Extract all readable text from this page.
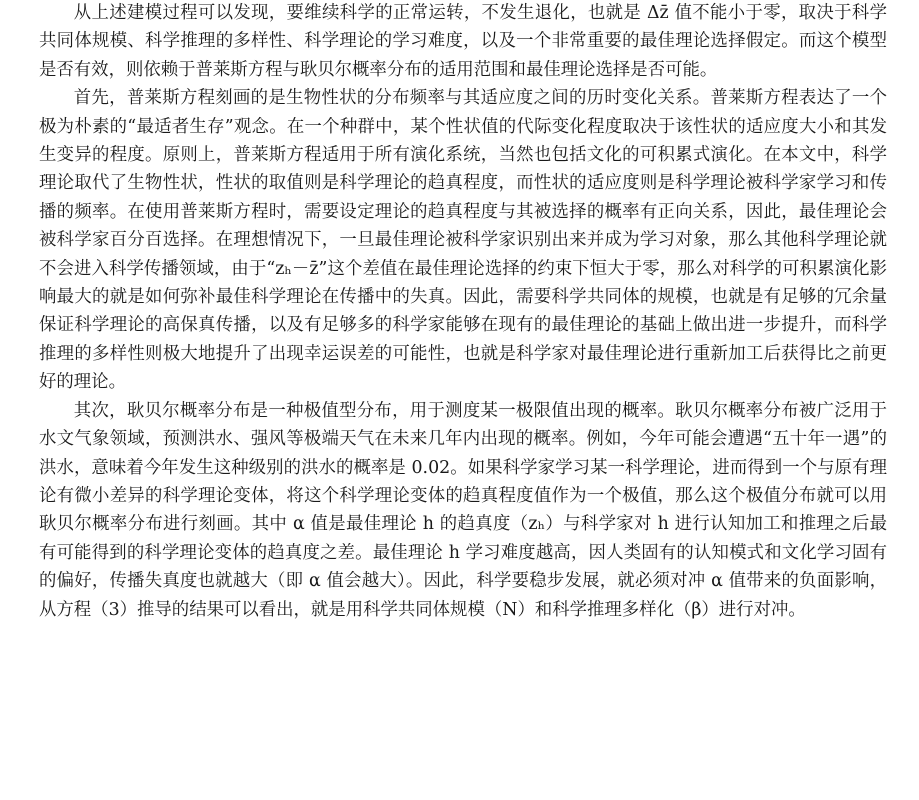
从上述建模过程可以发现，要维续科学的正常运转，不发生退化，也就是 Δz̄ 值不能小于零，取决于科学共同体规模、科学推理的多样性、科学理论的学习难度，以及一个非常重要的最佳理论选择假定。而这个模型是否有效，则依赖于普莱斯方程与耿贝尔概率分布的适用范围和最佳理论选择是否可能。

首先，普莱斯方程刻画的是生物性状的分布频率与其适应度之间的历时变化关系。普莱斯方程表达了一个极为朴素的“最适者生存”观念。在一个种群中，某个性状值的代际变化程度取决于该性状的适应度大小和其发生变异的程度。原则上，普莱斯方程适用于所有演化系统，当然也包括文化的可积累式演化。在本文中，科学理论取代了生物性状，性状的取值则是科学理论的趋真程度，而性状的适应度则是科学理论被科学家学习和传播的频率。在使用普莱斯方程时，需要设定理论的趋真程度与其被选择的概率有正向关系，因此，最佳理论会被科学家百分百选择。在理想情况下，一旦最佳理论被科学家识别出来并成为学习对象，那么其他科学理论就不会进入科学传播领域，由于“zₕ－z̄”这个差值在最佳理论选择的约束下恒大于零，那么对科学的可积累演化影响最大的就是如何弥补最佳科学理论在传播中的失真。因此，需要科学共同体的规模，也就是有足够的冗余量保证科学理论的高保真传播，以及有足够多的科学家能够在现有的最佳理论的基础上做出进一步提升，而科学推理的多样性则极大地提升了出现幸运误差的可能性，也就是科学家对最佳理论进行重新加工后获得比之前更好的理论。

其次，耿贝尔概率分布是一种极值型分布，用于测度某一极限值出现的概率。耿贝尔概率分布被广泛用于水文气象领域，预测洪水、强风等极端天气在未来几年内出现的概率。例如，今年可能会遭遇“五十年一遇”的洪水，意味着今年发生这种级别的洪水的概率是 0.02。如果科学家学习某一科学理论，进而得到一个与原有理论有微小差异的科学理论变体，将这个科学理论变体的趋真程度值作为一个极值，那么这个极值分布就可以用耿贝尔概率分布进行刻画。其中 α 值是最佳理论 h 的趋真度（zₕ）与科学家对 h 进行认知加工和推理之后最有可能得到的科学理论变体的趋真度之差。最佳理论 h 学习难度越高，因人类固有的认知模式和文化学习固有的偏好，传播失真度也就越大（即 α 值会越大）。因此，科学要稳步发展，就必须对冲 α 值带来的负面影响，从方程（3）推导的结果可以看出，就是用科学共同体规模（N）和科学推理多样化（β）进行对冲。
